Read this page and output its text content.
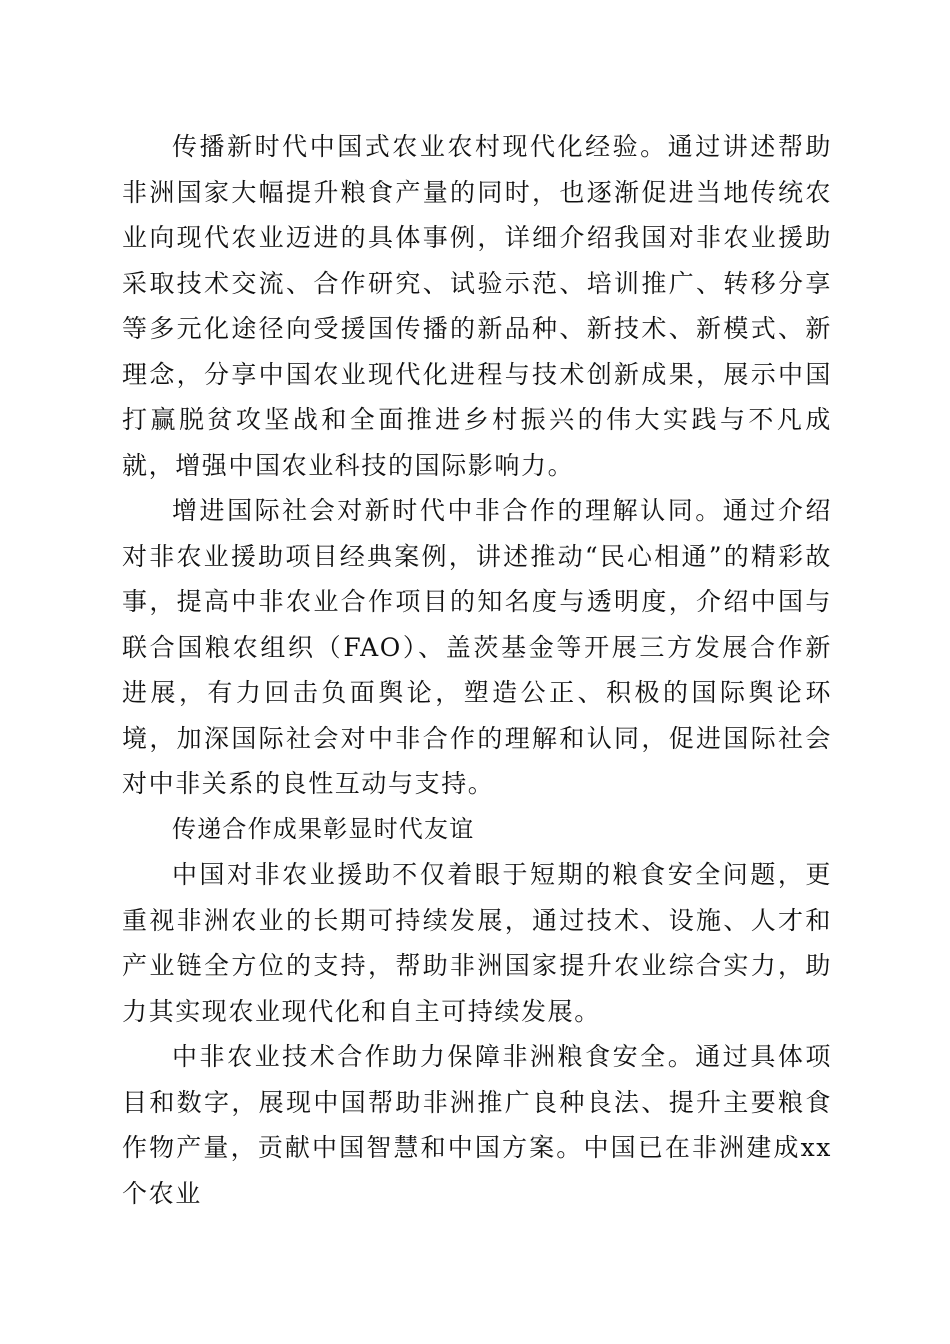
传播新时代中国式农业农村现代化经验。通过讲述帮助非洲国家大幅提升粮食产量的同时，也逐渐促进当地传统农业向现代农业迈进的具体事例，详细介绍我国对非农业援助采取技术交流、合作研究、试验示范、培训推广、转移分享等多元化途径向受援国传播的新品种、新技术、新模式、新理念，分享中国农业现代化进程与技术创新成果，展示中国打赢脱贫攻坚战和全面推进乡村振兴的伟大实践与不凡成就，增强中国农业科技的国际影响力。

增进国际社会对新时代中非合作的理解认同。通过介绍对非农业援助项目经典案例，讲述推动“民心相通”的精彩故事，提高中非农业合作项目的知名度与透明度，介绍中国与联合国粮农组织（FAO）、盖茨基金等开展三方发展合作新进展，有力回击负面舆论，塑造公正、积极的国际舆论环境，加深国际社会对中非合作的理解和认同，促进国际社会对中非关系的良性互动与支持。

传递合作成果彰显时代友谊

中国对非农业援助不仅着眼于短期的粮食安全问题，更重视非洲农业的长期可持续发展，通过技术、设施、人才和产业链全方位的支持，帮助非洲国家提升农业综合实力，助力其实现农业现代化和自主可持续发展。

中非农业技术合作助力保障非洲粮食安全。通过具体项目和数字，展现中国帮助非洲推广良种良法、提升主要粮食作物产量，贡献中国智慧和中国方案。中国已在非洲建成xx个农业
